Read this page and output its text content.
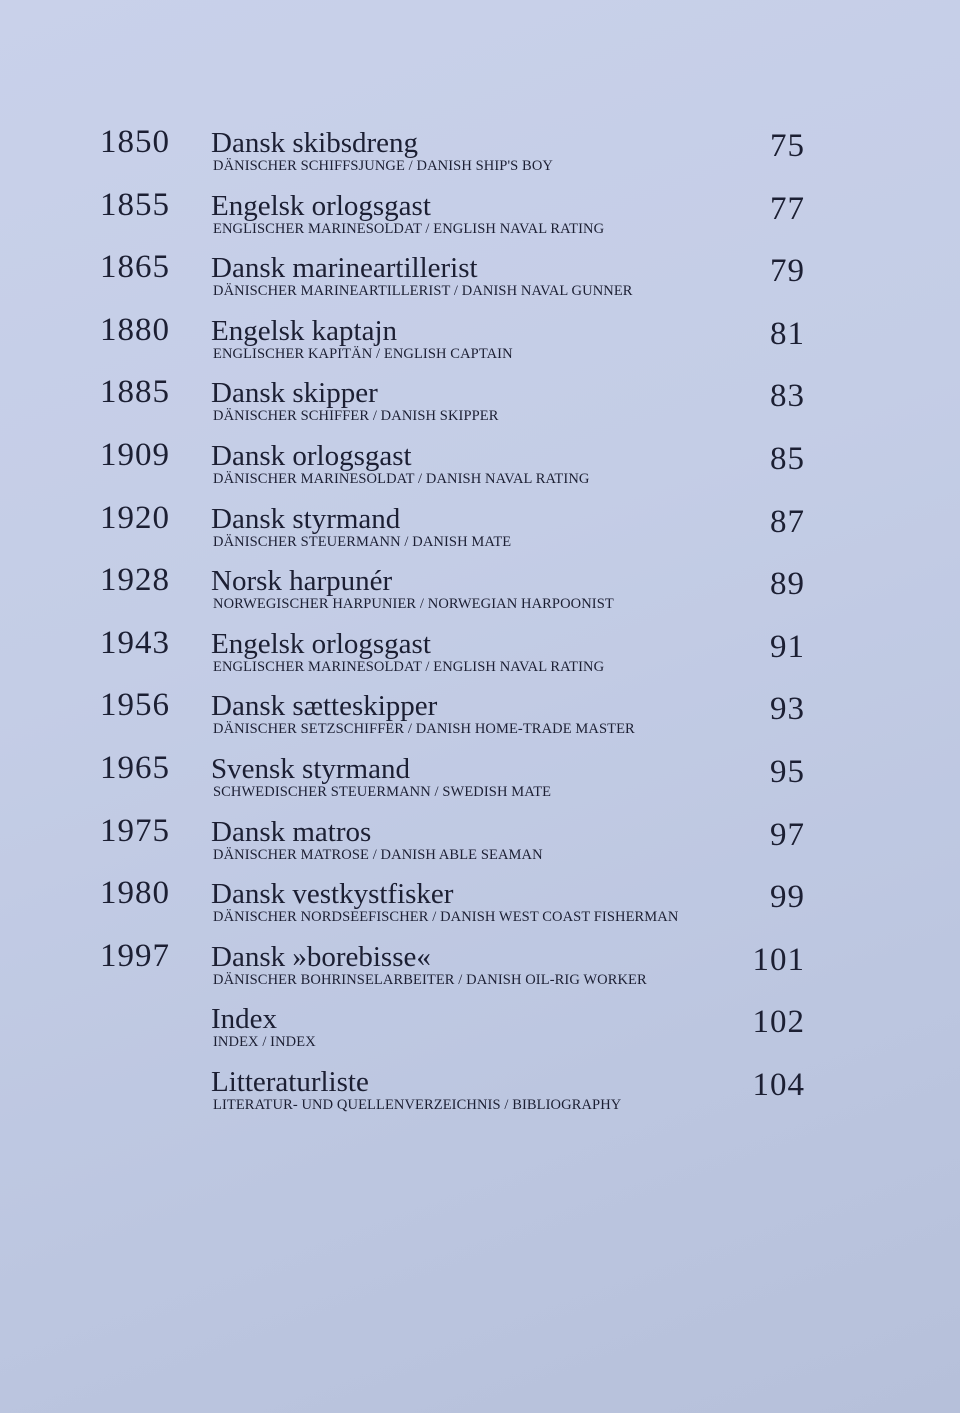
1850 Dansk skibsdreng
DÄNISCHER SCHIFFSJUNGE / DANISH SHIP'S BOY
75
1855 Engelsk orlogsgast
ENGLISCHER MARINESOLDAT / ENGLISH NAVAL RATING
77
1865 Dansk marineartillerist
DÄNISCHER MARINEARTILLERIST / DANISH NAVAL GUNNER
79
1880 Engelsk kaptajn
ENGLISCHER KAPITÄN / ENGLISH CAPTAIN
81
1885 Dansk skipper
DÄNISCHER SCHIFFER / DANISH SKIPPER
83
1909 Dansk orlogsgast
DÄNISCHER MARINESOLDAT / DANISH NAVAL RATING
85
1920 Dansk styrmand
DÄNISCHER STEUERMANN / DANISH MATE
87
1928 Norsk harpunér
NORWEGISCHER HARPUNIER / NORWEGIAN HARPOONIST
89
1943 Engelsk orlogsgast
ENGLISCHER MARINESOLDAT / ENGLISH NAVAL RATING
91
1956 Dansk sætteskipper
DÄNISCHER SETZSCHIFFER / DANISH HOME-TRADE MASTER
93
1965 Svensk styrmand
SCHWEDISCHER STEUERMANN / SWEDISH MATE
95
1975 Dansk matros
DÄNISCHER MATROSE / DANISH ABLE SEAMAN
97
1980 Dansk vestkystfisker
DÄNISCHER NORDSEEFISCHER / DANISH WEST COAST FISHERMAN
99
1997 Dansk »borebisse«
DÄNISCHER BOHRINSELARBEITER / DANISH OIL-RIG WORKER
101
Index
INDEX / INDEX
102
Litteraturliste
LITERATUR- UND QUELLENVERZEICHNIS / BIBLIOGRAPHY
104
